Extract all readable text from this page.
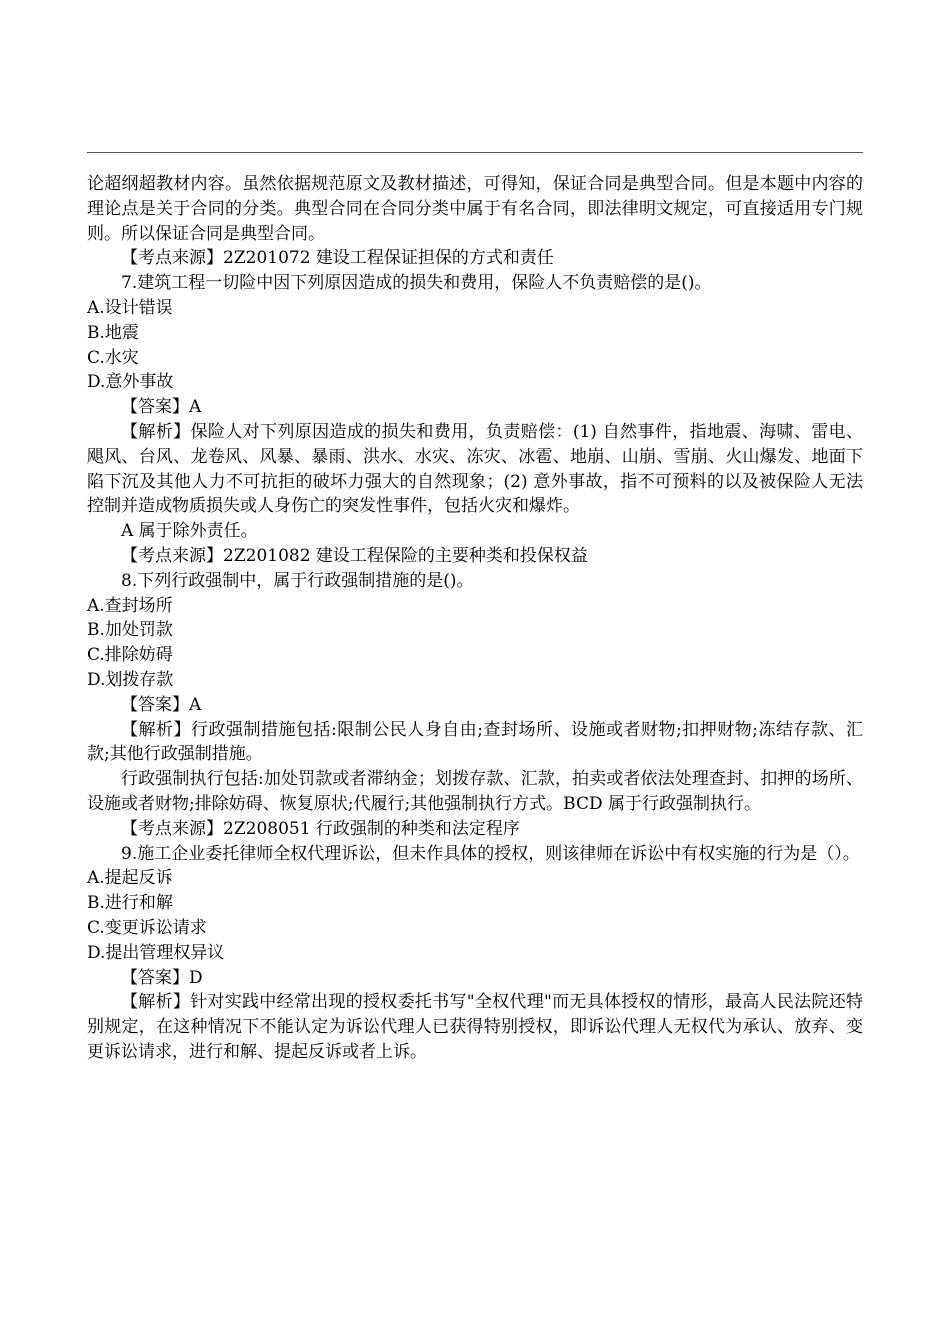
论超纲超教材内容。虽然依据规范原文及教材描述，可得知，保证合同是典型合同。但是本题中内容的理论点是关于合同的分类。典型合同在合同分类中属于有名合同，即法律明文规定，可直接适用专门规则。所以保证合同是典型合同。

【考点来源】2Z201072 建设工程保证担保的方式和责任

7.建筑工程一切险中因下列原因造成的损失和费用，保险人不负责赔偿的是()。

A.设计错误

B.地震

C.水灾

D.意外事故

【答案】A

【解析】保险人对下列原因造成的损失和费用，负责赔偿：(1) 自然事件，指地震、海啸、雷电、飓风、台风、龙卷风、风暴、暴雨、洪水、水灾、冻灾、冰雹、地崩、山崩、雪崩、火山爆发、地面下陷下沉及其他人力不可抗拒的破坏力强大的自然现象；(2) 意外事故，指不可预料的以及被保险人无法控制并造成物质损失或人身伤亡的突发性事件，包括火灾和爆炸。

A 属于除外责任。

【考点来源】2Z201082 建设工程保险的主要种类和投保权益

8.下列行政强制中，属于行政强制措施的是()。

A.查封场所

B.加处罚款

C.排除妨碍

D.划拨存款

【答案】A

【解析】行政强制措施包括:限制公民人身自由;查封场所、设施或者财物;扣押财物;冻结存款、汇款;其他行政强制措施。

行政强制执行包括:加处罚款或者滞纳金；划拨存款、汇款，拍卖或者依法处理查封、扣押的场所、设施或者财物;排除妨碍、恢复原状;代履行;其他强制执行方式。BCD 属于行政强制执行。

【考点来源】2Z208051 行政强制的种类和法定程序

9.施工企业委托律师全权代理诉讼，但未作具体的授权，则该律师在诉讼中有权实施的行为是（）。

A.提起反诉

B.进行和解

C.变更诉讼请求

D.提出管理权异议

【答案】D

【解析】针对实践中经常出现的授权委托书写"全权代理"而无具体授权的情形，最高人民法院还特别规定，在这种情况下不能认定为诉讼代理人已获得特别授权，即诉讼代理人无权代为承认、放弃、变更诉讼请求，进行和解、提起反诉或者上诉。
